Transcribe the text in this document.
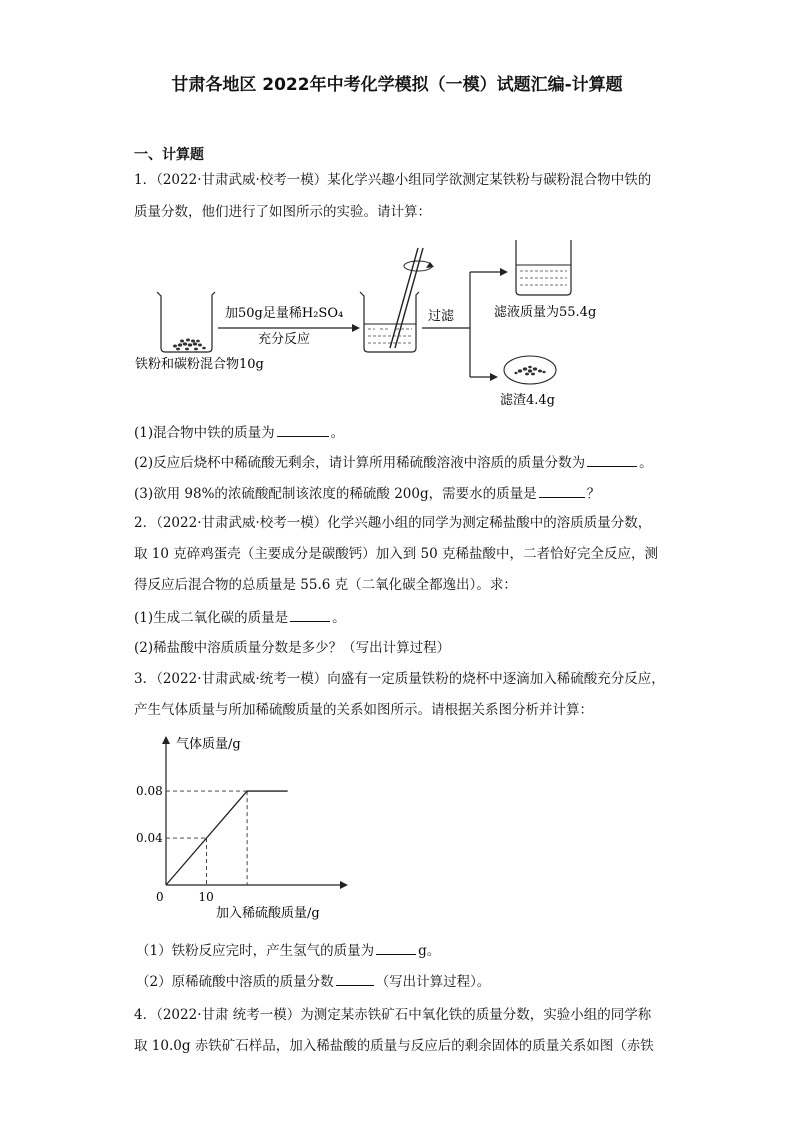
甘肃各地区 2022年中考化学模拟（一模）试题汇编-计算题
一、计算题
1．（2022·甘肃武威·校考一模）某化学兴趣小组同学欲测定某铁粉与碳粉混合物中铁的
质量分数，他们进行了如图所示的实验。请计算：
铁粉和碳粉混合物10g
加50g足量稀H₂SO₄
充分反应
过滤	滤液质量为55.4g
滤渣4.4g
(1)混合物中铁的质量为	。
(2)反应后烧杯中稀硫酸无剩余，请计算所用稀硫酸溶液中溶质的质量分数为	。
(3)欲用 98%的浓硫酸配制该浓度的稀硫酸 200g，需要水的质量是	？
2．（2022·甘肃武威·校考一模）化学兴趣小组的同学为测定稀盐酸中的溶质质量分数，
取 10 克碎鸡蛋壳（主要成分是碳酸钙）加入到 50 克稀盐酸中，二者恰好完全反应，测
得反应后混合物的总质量是 55.6 克（二氧化碳全都逸出）。求：
(1)生成二氧化碳的质量是	。
(2)稀盐酸中溶质质量分数是多少？（写出计算过程）
3．（2022·甘肃武威·统考一模）向盛有一定质量铁粉的烧杯中逐滴加入稀硫酸充分反应，
产生气体质量与所加稀硫酸质量的关系如图所示。请根据关系图分析并计算：
气体质量/g
加入稀硫酸质量/g
0	10
0.04
0.08
（1）铁粉反应完时，产生氢气的质量为	g。
（2）原稀硫酸中溶质的质量分数	（写出计算过程）。
4．（2022·甘肃 统考一模）为测定某赤铁矿石中氧化铁的质量分数，实验小组的同学称
取 10.0g 赤铁矿石样品，加入稀盐酸的质量与反应后的剩余固体的质量关系如图（赤铁
